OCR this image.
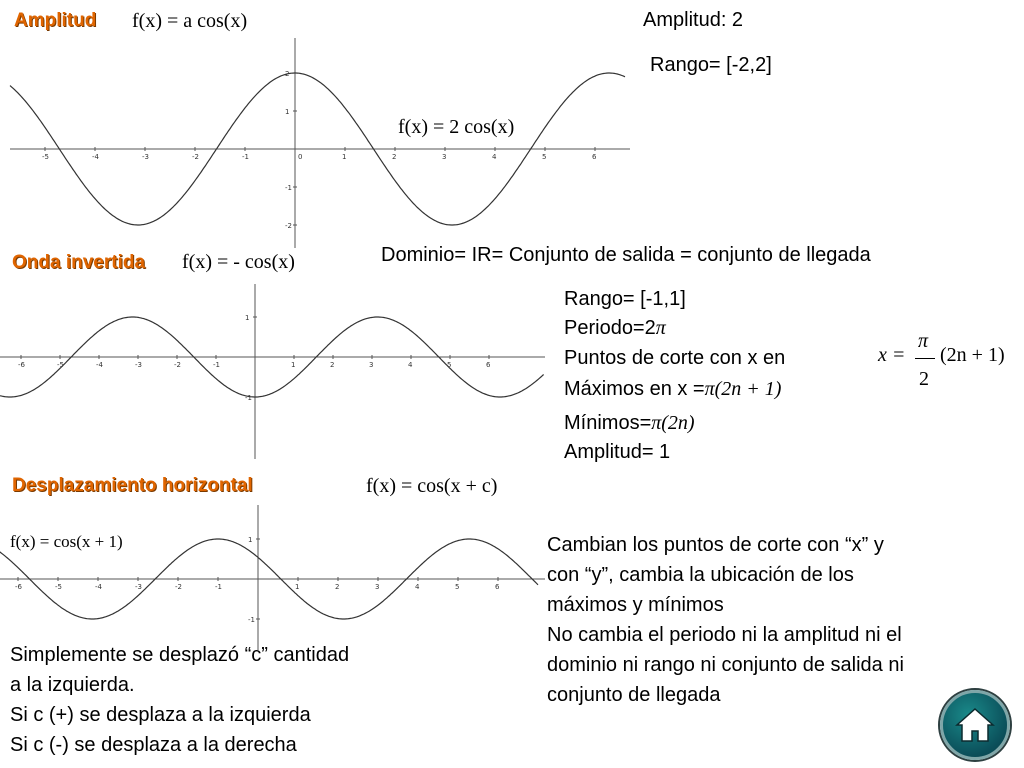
Amplitud f(x) = a cos(x)	Amplitud: 2
Rango= [-2,2]
-5	-4	-3	-2	-1	0	1	2	3	4	5	6
2
1
-1
-2
f(x) = 2 cos(x)
Onda invertida f(x) = - cos(x)	Dominio= IR= Conjunto de salida = conjunto de llegada
-6	-5	-4	-3	-2	-1	1	2	3	4	5	6
1
-1
Rango= [-1,1]
Periodo=2π
Puntos de corte con x en	x =
π
2
(2n + 1)
Máximos en x =π(2n + 1)
Mínimos=π(2n)
Amplitud= 1
Desplazamiento horizontal	f(x) = cos(x + c)
-6	-5	-4	-3	-2	-1	1	2	3	4	5	6
1
-1
f(x) = cos(x + 1)	Cambian los puntos de corte con “x” y
con “y”, cambia la ubicación de los
máximos y mínimos
No cambia el periodo ni la amplitud ni el
dominio ni rango ni conjunto de salida ni
conjunto de llegada
Simplemente se desplazó “c” cantidad
a la izquierda.
Si c (+) se desplaza a la izquierda
Si c (-) se desplaza a la derecha
